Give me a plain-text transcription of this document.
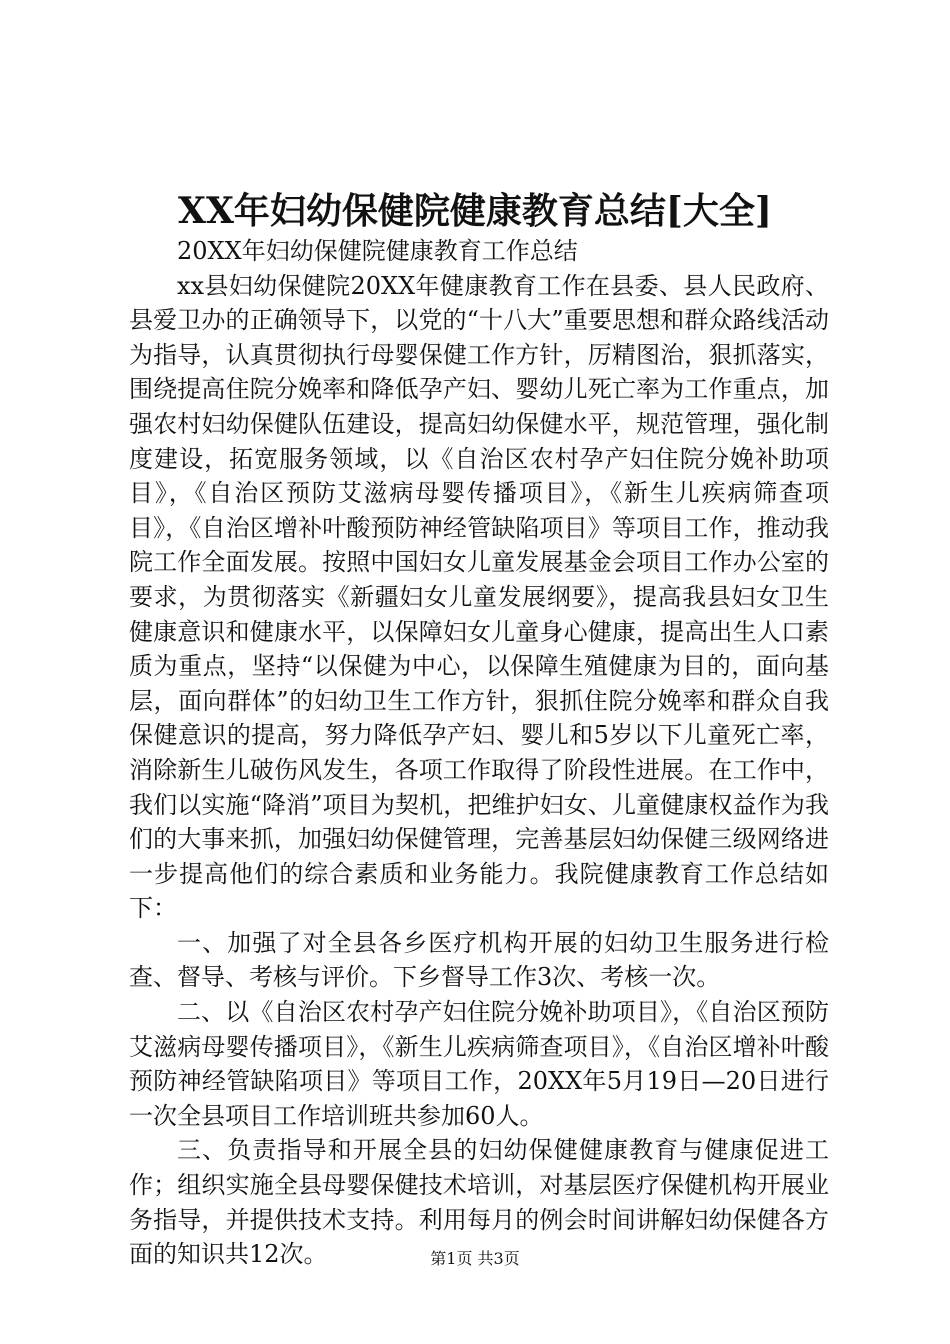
XX年妇幼保健院健康教育总结[大全]

20XX年妇幼保健院健康教育工作总结

xx县妇幼保健院20XX年健康教育工作在县委、县人民政府、县爱卫办的正确领导下，以党的“十八大”重要思想和群众路线活动为指导，认真贯彻执行母婴保健工作方针，厉精图治，狠抓落实，围绕提高住院分娩率和降低孕产妇、婴幼儿死亡率为工作重点，加强农村妇幼保健队伍建设，提高妇幼保健水平，规范管理，强化制度建设，拓宽服务领域，以《自治区农村孕产妇住院分娩补助项目》，《自治区预防艾滋病母婴传播项目》，《新生儿疾病筛查项目》，《自治区增补叶酸预防神经管缺陷项目》等项目工作，推动我院工作全面发展。按照中国妇女儿童发展基金会项目工作办公室的要求，为贯彻落实《新疆妇女儿童发展纲要》，提高我县妇女卫生健康意识和健康水平，以保障妇女儿童身心健康，提高出生人口素质为重点，坚持“以保健为中心，以保障生殖健康为目的，面向基层，面向群体”的妇幼卫生工作方针，狠抓住院分娩率和群众自我保健意识的提高，努力降低孕产妇、婴儿和5岁以下儿童死亡率，消除新生儿破伤风发生，各项工作取得了阶段性进展。在工作中，我们以实施“降消”项目为契机，把维护妇女、儿童健康权益作为我们的大事来抓，加强妇幼保健管理，完善基层妇幼保健三级网络进一步提高他们的综合素质和业务能力。我院健康教育工作总结如下：

一、加强了对全县各乡医疗机构开展的妇幼卫生服务进行检查、督导、考核与评价。下乡督导工作3次、考核一次。

二、以《自治区农村孕产妇住院分娩补助项目》，《自治区预防艾滋病母婴传播项目》，《新生儿疾病筛查项目》，《自治区增补叶酸预防神经管缺陷项目》等项目工作，20XX年5月19日—20日进行一次全县项目工作培训班共参加60人。

三、负责指导和开展全县的妇幼保健健康教育与健康促进工作；组织实施全县母婴保健技术培训，对基层医疗保健机构开展业务指导，并提供技术支持。利用每月的例会时间讲解妇幼保健各方面的知识共12次。	第1页 共3页
